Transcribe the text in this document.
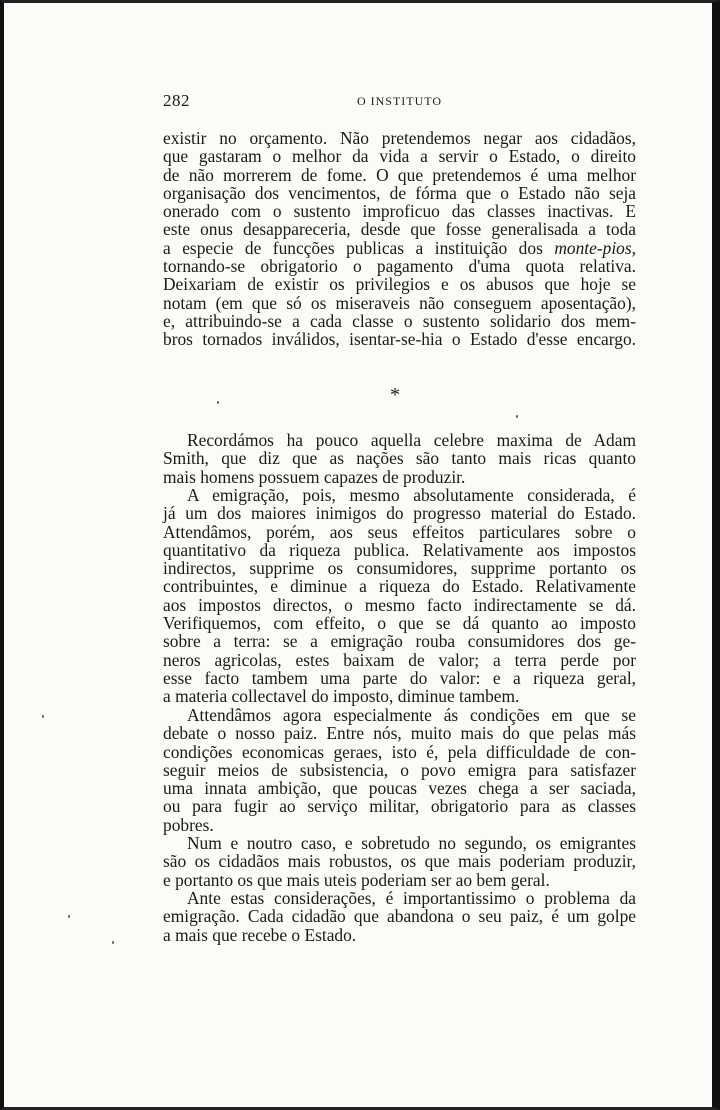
282	O INSTITUTO
existir no orçamento. Não pretendemos negar aos cidadãos,
que gastaram o melhor da vida a servir o Estado, o direito
de não morrerem de fome. O que pretendemos é uma melhor
organisação dos vencimentos, de fórma que o Estado não seja
onerado com o sustento improficuo das classes inactivas. E
este onus desappareceria, desde que fosse generalisada a toda
a especie de funcções publicas a instituição dos monte-pios,
tornando-se obrigatorio o pagamento d'uma quota relativa.
Deixariam de existir os privilegios e os abusos que hoje se
notam (em que só os miseraveis não conseguem aposentação),
e, attribuindo-se a cada classe o sustento solidario dos mem-
bros tornados inválidos, isentar-se-hia o Estado d'esse encargo.
*
Recordámos ha pouco aquella celebre maxima de Adam
Smith, que diz que as nações são tanto mais ricas quanto
mais homens possuem capazes de produzir.
A emigração, pois, mesmo absolutamente considerada, é
já um dos maiores inimigos do progresso material do Estado.
Attendâmos, porém, aos seus effeitos particulares sobre o
quantitativo da riqueza publica. Relativamente aos impostos
indirectos, supprime os consumidores, supprime portanto os
contribuintes, e diminue a riqueza do Estado. Relativamente
aos impostos directos, o mesmo facto indirectamente se dá.
Verifiquemos, com effeito, o que se dá quanto ao imposto
sobre a terra: se a emigração rouba consumidores dos ge-
neros agricolas, estes baixam de valor; a terra perde por
esse facto tambem uma parte do valor: e a riqueza geral,
a materia collectavel do imposto, diminue tambem.
Attendâmos agora especialmente ás condições em que se
debate o nosso paiz. Entre nós, muito mais do que pelas más
condições economicas geraes, isto é, pela difficuldade de con-
seguir meios de subsistencia, o povo emigra para satisfazer
uma innata ambição, que poucas vezes chega a ser saciada,
ou para fugir ao serviço militar, obrigatorio para as classes
pobres.
Num e noutro caso, e sobretudo no segundo, os emigrantes
são os cidadãos mais robustos, os que mais poderiam produzir,
e portanto os que mais uteis poderiam ser ao bem geral.
Ante estas considerações, é importantissimo o problema da
emigração. Cada cidadão que abandona o seu paiz, é um golpe
a mais que recebe o Estado.
